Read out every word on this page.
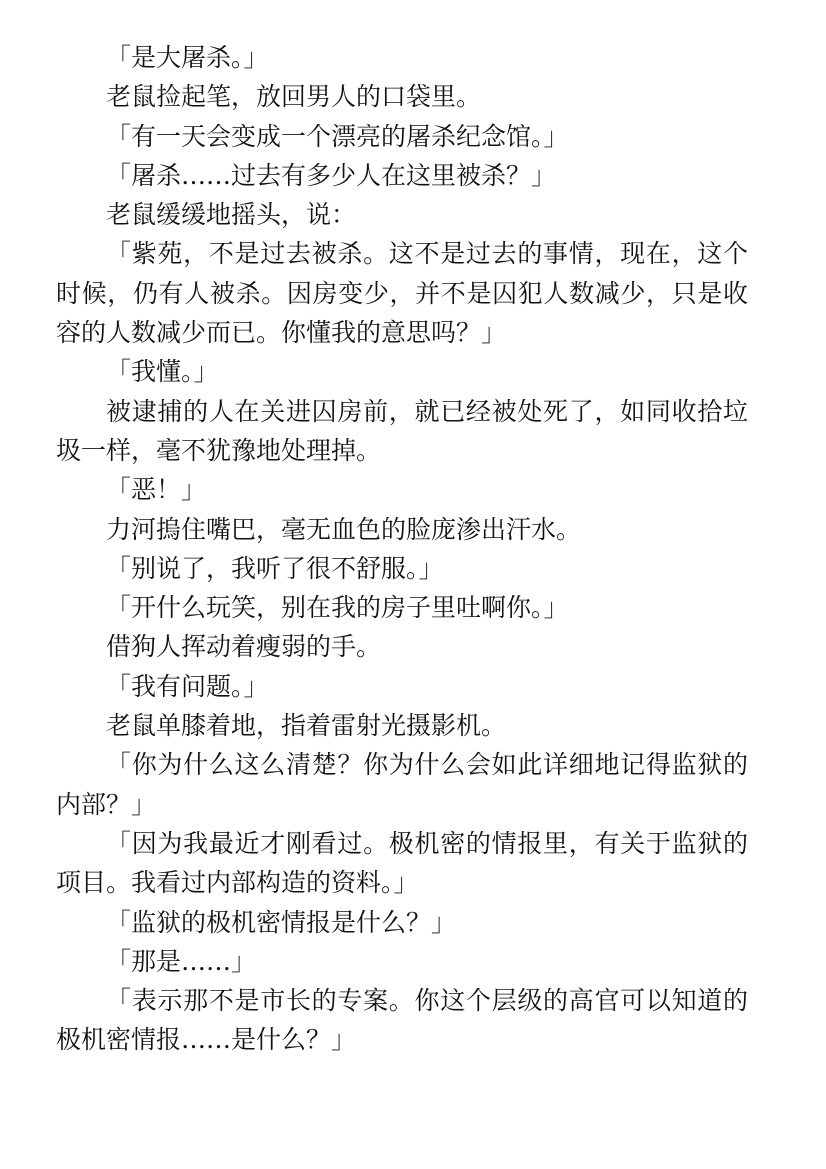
「是大屠杀。」

老鼠捡起笔，放回男人的口袋里。

「有一天会变成一个漂亮的屠杀纪念馆。」

「屠杀……过去有多少人在这里被杀？」

老鼠缓缓地摇头，说：

「紫苑，不是过去被杀。这不是过去的事情，现在，这个时候，仍有人被杀。因房变少，并不是囚犯人数减少，只是收容的人数减少而已。你懂我的意思吗？」

「我懂。」

被逮捕的人在关进囚房前，就已经被处死了，如同收拾垃圾一样，毫不犹豫地处理掉。

「恶！」

力河摀住嘴巴，毫无血色的脸庞渗出汗水。

「别说了，我听了很不舒服。」

「开什么玩笑，别在我的房子里吐啊你。」

借狗人挥动着瘦弱的手。

「我有问题。」

老鼠单膝着地，指着雷射光摄影机。

「你为什么这么清楚？你为什么会如此详细地记得监狱的内部？」

「因为我最近才刚看过。极机密的情报里，有关于监狱的项目。我看过内部构造的资料。」

「监狱的极机密情报是什么？」

「那是……」

「表示那不是市长的专案。你这个层级的高官可以知道的极机密情报……是什么？」
